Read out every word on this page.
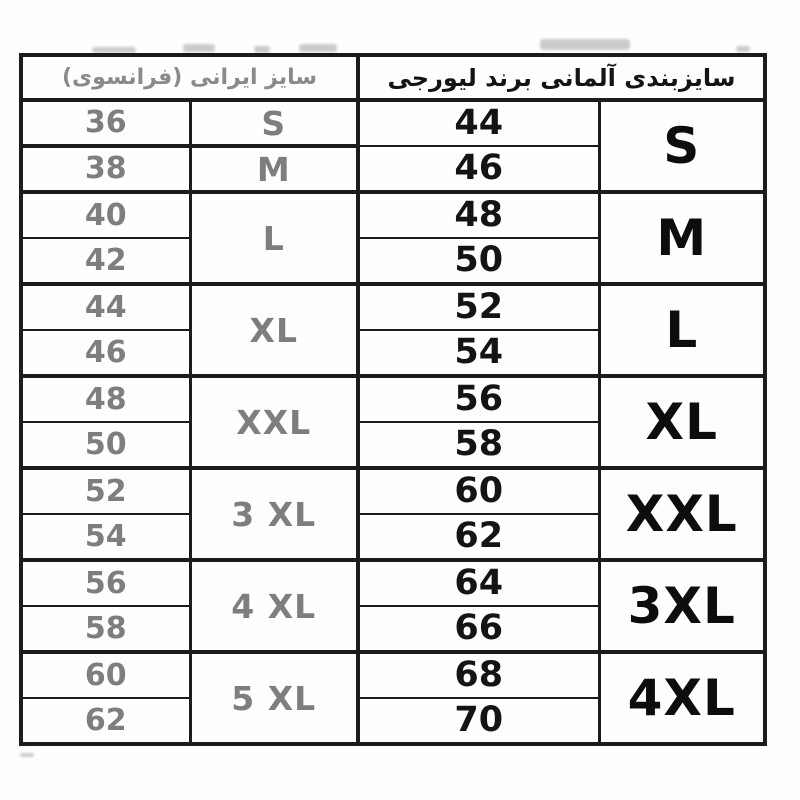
سایز ایرانی (فرانسوی)		سایزبندی آلمانی برند لیورجی	
36	S	44	S
38	M	46	
40	L	48	M
42		50	
44	XL	52	L
46		54	
48	XXL	56	XL
50		58	
52	3 XL	60	XXL
54		62	
56	4 XL	64	3XL
58		66	
60	5 XL	68	4XL
62		70	
